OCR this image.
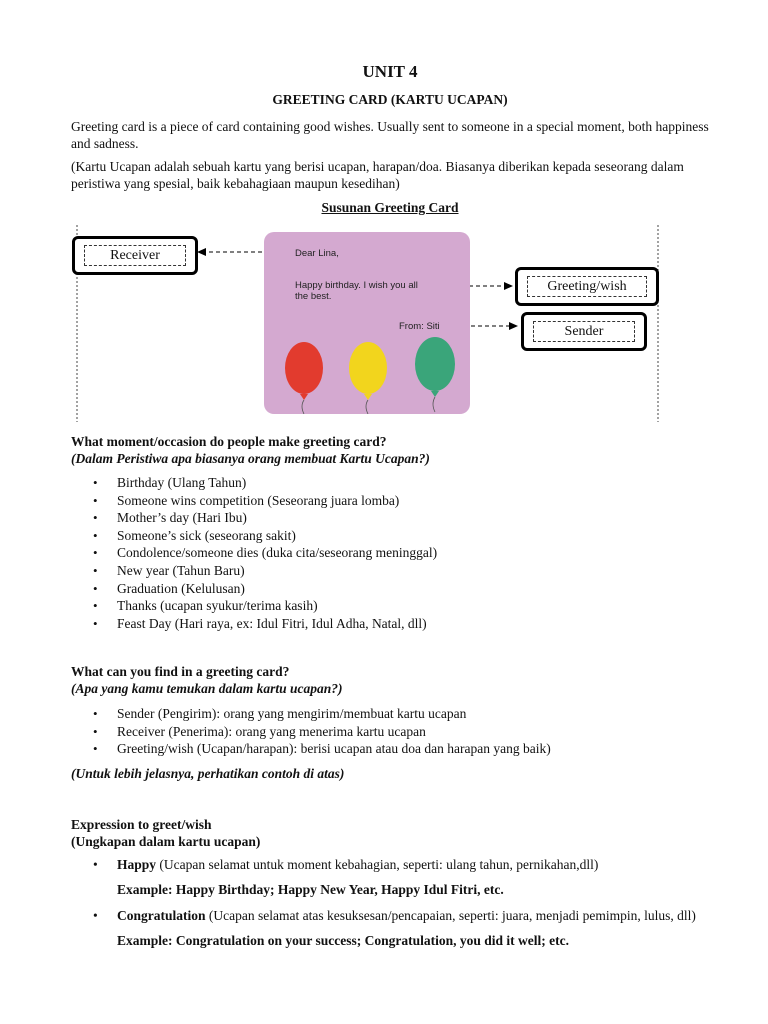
UNIT 4
GREETING CARD (KARTU UCAPAN)
Greeting card is a piece of card containing good wishes. Usually sent to someone in a special moment, both happiness and sadness.
(Kartu Ucapan adalah sebuah kartu yang berisi ucapan, harapan/doa. Biasanya diberikan kepada seseorang dalam peristiwa yang spesial, baik kebahagiaan maupun kesedihan)
Susunan Greeting Card
Receiver
Greeting/wish
Sender
Dear Lina,
Happy birthday. I wish you all
the best.
From: Siti
What moment/occasion do people make greeting card?
(Dalam Peristiwa apa biasanya orang membuat Kartu Ucapan?)
• Birthday (Ulang Tahun)
• Someone wins competition (Seseorang juara lomba)
• Mother’s day (Hari Ibu)
• Someone’s sick (seseorang sakit)
• Condolence/someone dies (duka cita/seseorang meninggal)
• New year (Tahun Baru)
• Graduation (Kelulusan)
• Thanks (ucapan syukur/terima kasih)
• Feast Day (Hari raya, ex: Idul Fitri, Idul Adha, Natal, dll)
What can you find in a greeting card?
(Apa yang kamu temukan dalam kartu ucapan?)
• Sender (Pengirim): orang yang mengirim/membuat kartu ucapan
• Receiver (Penerima): orang yang menerima kartu ucapan
• Greeting/wish (Ucapan/harapan): berisi ucapan atau doa dan harapan yang baik)
(Untuk lebih jelasnya, perhatikan contoh di atas)
Expression to greet/wish
(Ungkapan dalam kartu ucapan)
• Happy (Ucapan selamat untuk moment kebahagian, seperti: ulang tahun, pernikahan,dll)
Example: Happy Birthday; Happy New Year, Happy Idul Fitri, etc.
• Congratulation (Ucapan selamat atas kesuksesan/pencapaian, seperti: juara, menjadi pemimpin, lulus, dll)
Example: Congratulation on your success; Congratulation, you did it well; etc.
